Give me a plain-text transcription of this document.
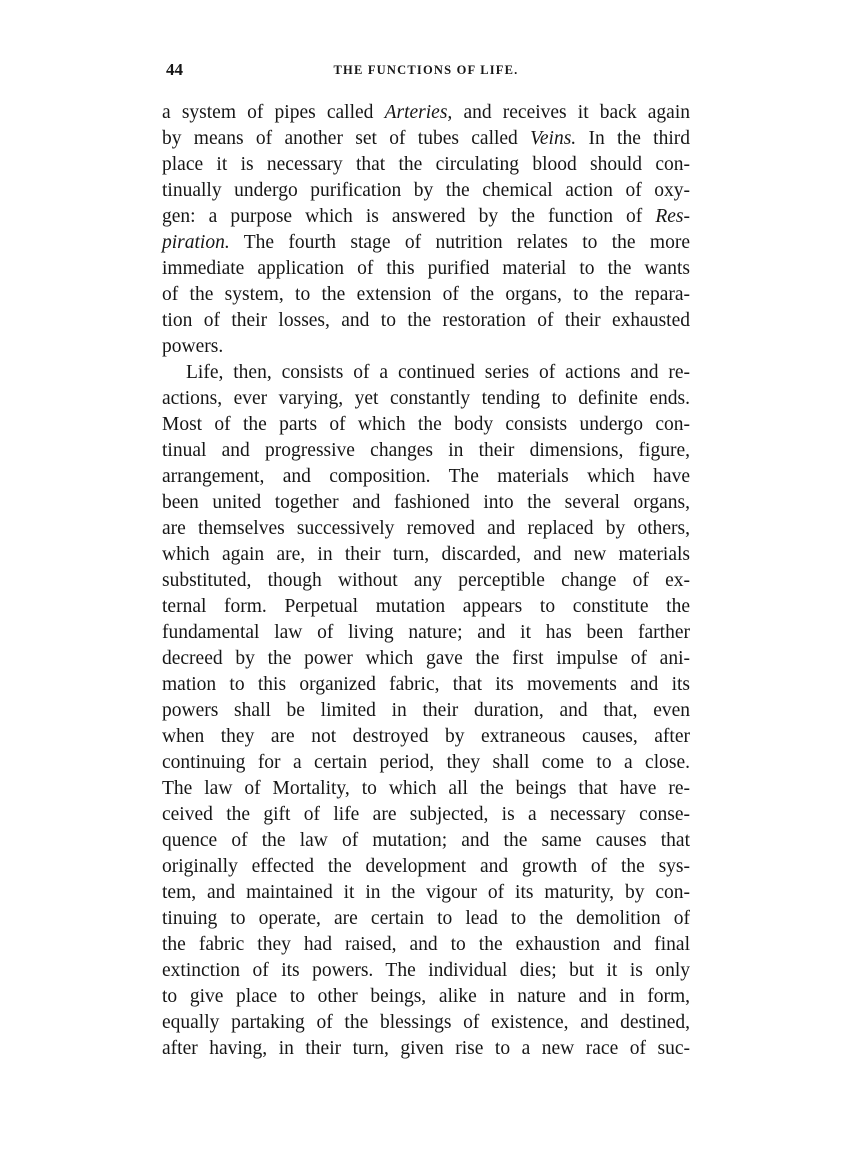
44	THE FUNCTIONS OF LIFE.
a system of pipes called Arteries, and receives it back again
by means of another set of tubes called Veins. In the third
place it is necessary that the circulating blood should con-
tinually undergo purification by the chemical action of oxy-
gen: a purpose which is answered by the function of Res-
piration. The fourth stage of nutrition relates to the more
immediate application of this purified material to the wants
of the system, to the extension of the organs, to the repara-
tion of their losses, and to the restoration of their exhausted
powers.
Life, then, consists of a continued series of actions and re-
actions, ever varying, yet constantly tending to definite ends.
Most of the parts of which the body consists undergo con-
tinual and progressive changes in their dimensions, figure,
arrangement, and composition. The materials which have
been united together and fashioned into the several organs,
are themselves successively removed and replaced by others,
which again are, in their turn, discarded, and new materials
substituted, though without any perceptible change of ex-
ternal form. Perpetual mutation appears to constitute the
fundamental law of living nature; and it has been farther
decreed by the power which gave the first impulse of ani-
mation to this organized fabric, that its movements and its
powers shall be limited in their duration, and that, even
when they are not destroyed by extraneous causes, after
continuing for a certain period, they shall come to a close.
The law of Mortality, to which all the beings that have re-
ceived the gift of life are subjected, is a necessary conse-
quence of the law of mutation; and the same causes that
originally effected the development and growth of the sys-
tem, and maintained it in the vigour of its maturity, by con-
tinuing to operate, are certain to lead to the demolition of
the fabric they had raised, and to the exhaustion and final
extinction of its powers. The individual dies; but it is only
to give place to other beings, alike in nature and in form,
equally partaking of the blessings of existence, and destined,
after having, in their turn, given rise to a new race of suc-
